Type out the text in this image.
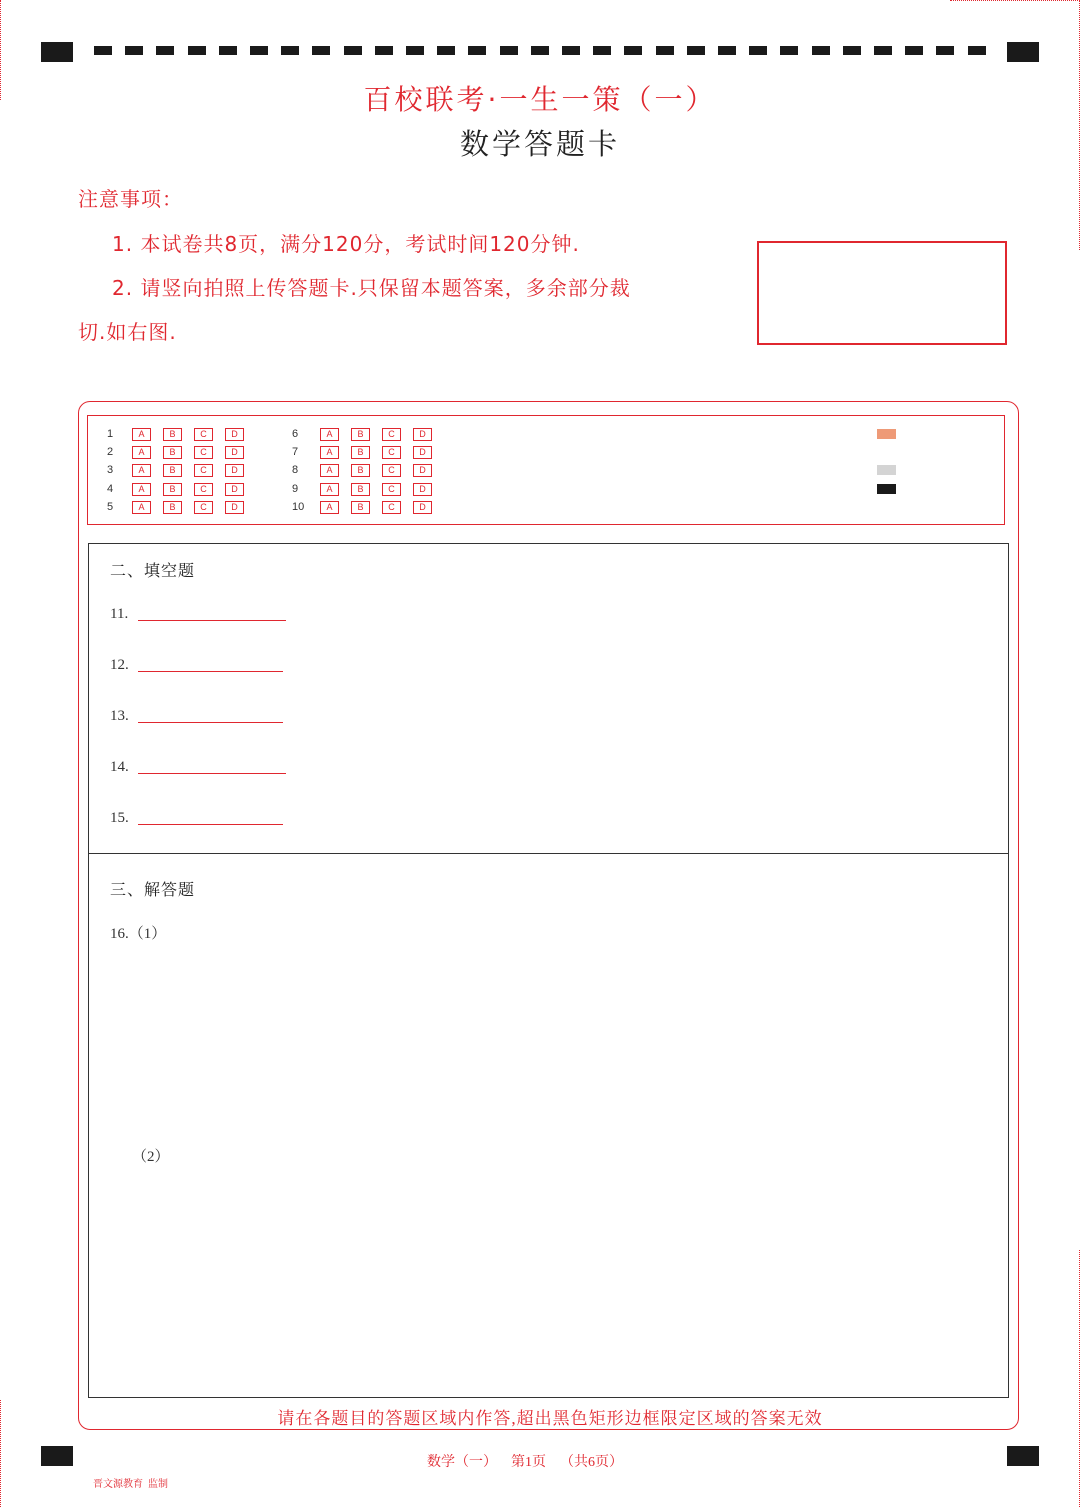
百校联考·一生一策（一）
数学答题卡
注意事项：
1. 本试卷共8页，满分120分，考试时间120分钟.
2. 请竖向拍照上传答题卡.只保留本题答案，多余部分裁
切.如右图.
二、填空题
11.
12.
13.
14.
15.
三、解答题
16.（1）
（2）
请在各题目的答题区域内作答,超出黑色矩形边框限定区域的答案无效
数学（一）    第1页    （共6页）
晋文源教育  监制
1	A	B	C	D
2	A	B	C	D
3	A	B	C	D
4	A	B	C	D
5	A	B	C	D
6	A	B	C	D
7	A	B	C	D
8	A	B	C	D
9	A	B	C	D
10	A	B	C	D
